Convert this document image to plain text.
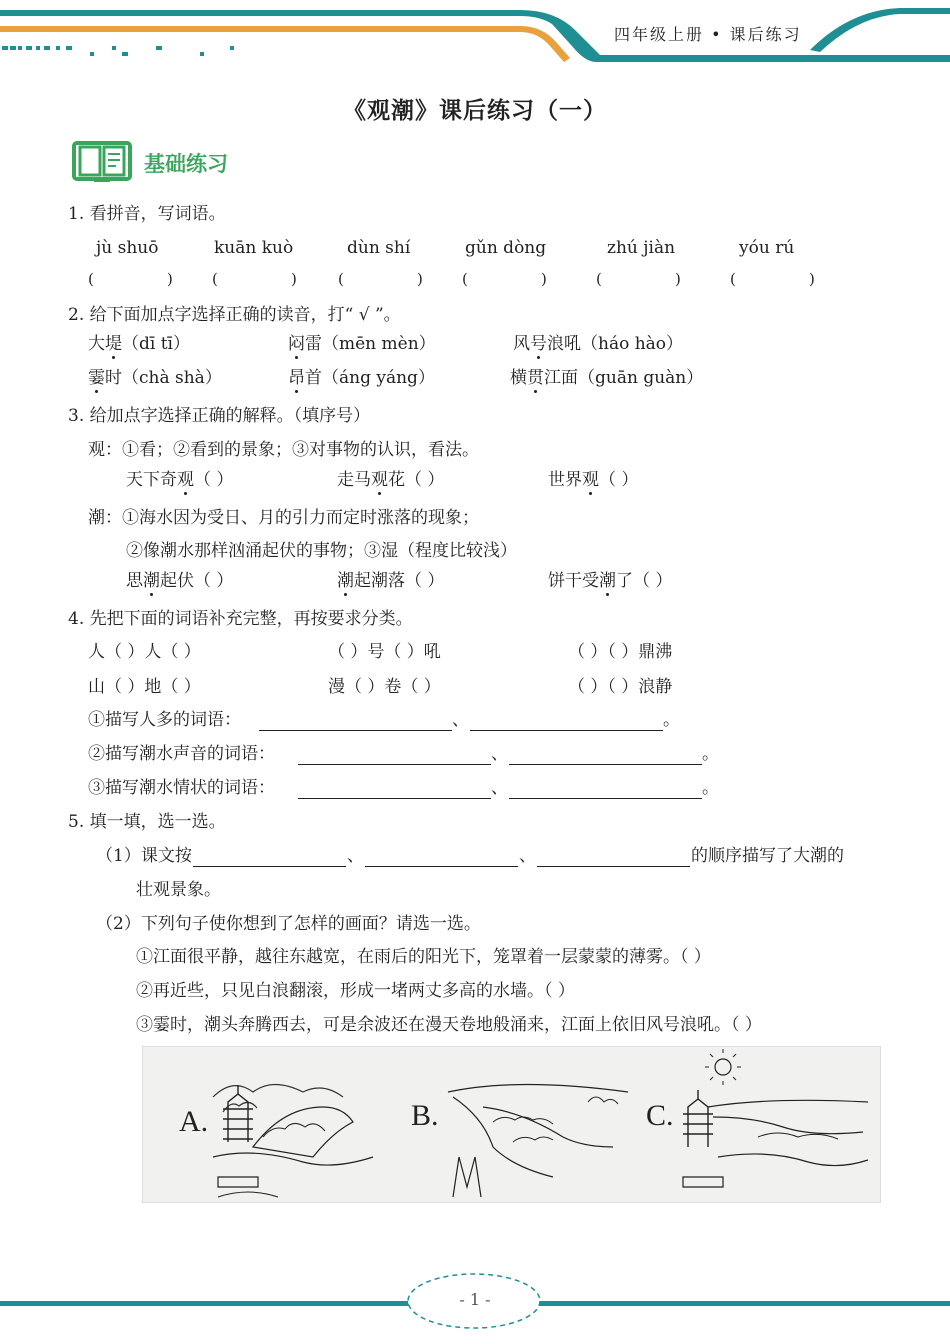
四年级上册 • 课后练习
《观潮》课后练习（一）
基础练习
1. 看拼音，写词语。
jù shuō	kuān kuò	dùn shí	gǔn dòng	zhú jiàn	yóu rú
(	)	(	)	(	)	(	)	(	)	(	)
2. 给下面加点字选择正确的读音，打“ √ ”。
大堤（dī tī）	闷雷（mēn mèn）	风号浪吼（háo hào）
霎时（chà shà）	昂首（áng yáng）	横贯江面（guān guàn）
3. 给加点字选择正确的解释。（填序号）
观：①看；②看到的景象；③对事物的认识，看法。
天下奇观（ ）	走马观花（ ）	世界观（ ）
潮：①海水因为受日、月的引力而定时涨落的现象；
②像潮水那样汹涌起伏的事物；③湿（程度比较浅）
思潮起伏（ ）	潮起潮落（ ）	饼干受潮了（ ）
4. 先把下面的词语补充完整，再按要求分类。
人（ ）人（ ）	（ ）号（ ）吼	（ ）（ ）鼎沸
山（ ）地（ ）	漫（ ）卷（ ）	（ ）（ ）浪静
①描写人多的词语：	、	。
②描写潮水声音的词语：	、	。
③描写潮水情状的词语：	、	。
5. 填一填，选一选。
（1）课文按	、	、	的顺序描写了大潮的
壮观景象。
（2）下列句子使你想到了怎样的画面？请选一选。
①江面很平静，越往东越宽，在雨后的阳光下，笼罩着一层蒙蒙的薄雾。（ ）
②再近些，只见白浪翻滚，形成一堵两丈多高的水墙。（ ）
③霎时，潮头奔腾西去，可是余波还在漫天卷地般涌来，江面上依旧风号浪吼。（ ）
A.	B.	C.
- 1 -
